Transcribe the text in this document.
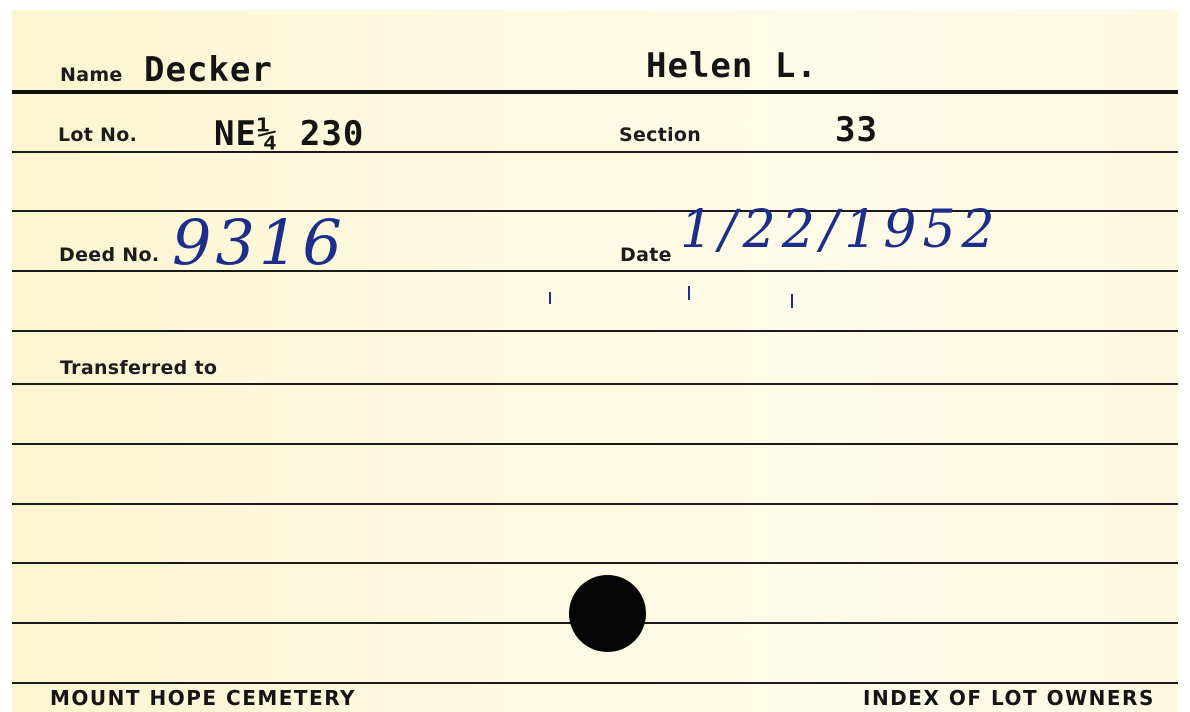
Name Decker	Helen L.
Lot No. NE¼ 230	Section	33
Deed No. 9316	Date 1/22/1952
Transferred to
MOUNT HOPE CEMETERY	INDEX OF LOT OWNERS
